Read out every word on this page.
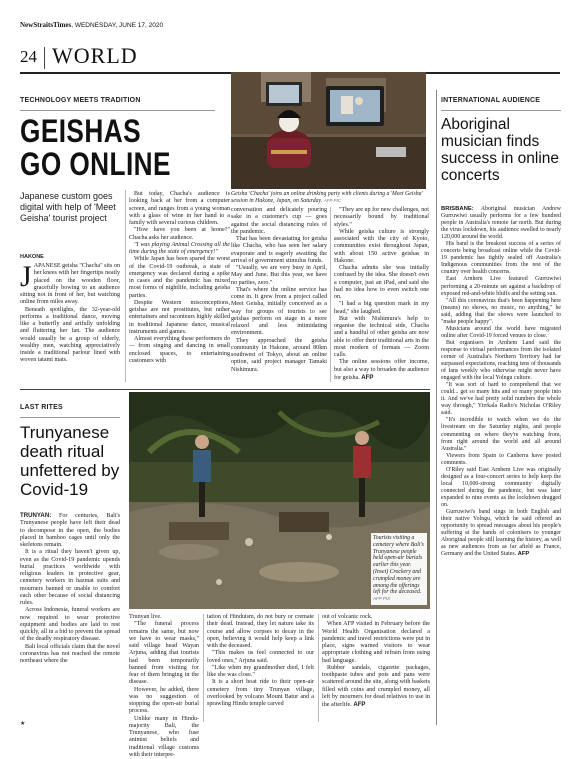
NewStraitsTimes, WEDNESDAY, JUNE 17, 2020
24 WORLD
TECHNOLOGY MEETS TRADITION
GEISHAS
GO ONLINE
Japanese custom goes digital with help of 'Meet Geisha' tourist project
HAKONE

JAPANESE geisha "Chacha" sits on her knees with her fingertips neatly placed on the wooden floor, gracefully bowing to an audience sitting not in front of her, but watching online from miles away.

Beneath spotlights, the 32-year-old performs a traditional dance, moving like a butterfly and artfully unfolding and fluttering her fan. The audience would usually be a group of elderly, wealthy men, watching appreciatively inside a traditional parlour lined with woven tatami mats.

But today, Chacha's audience is looking back at her from a computer screen, and ranges from a young woman with a glass of wine in her hand to a family with several curious children.

"How have you been at home?" Chacha asks her audience.

"I was playing Animal Crossing all the time during the state of emergency!"

While Japan has been spared the worst of the Covid-19 outbreak, a state of emergency was declared during a spike in cases and the pandemic has mixed most forms of nightlife, including geisha parties.

Despite Western misconceptions, geishas are not prostitutes, but rather entertainers and raconteurs highly skilled in traditional Japanese dance, musical instruments and games.

Almost everything these performers do — from singing and dancing in small enclosed spaces, to entertaining customers with

Geisha 'Chacha' joins an online drinking party with clients during a 'Meet Geisha' session in Hakone, Japan, on Saturday. AFP PIC

conversation and delicately pouring sake in a customer's cup — goes against the social distancing rules of the pandemic.

That has been devastating for geisha like Chacha, who has seen her salary evaporate and is eagerly awaiting the arrival of government stimulus funds.

"Usually, we are very busy in April, May and June. But this year, we have no parties, zero."

That's where the online service has come in. It grew from a project called Meet Geisha, initially conceived as a way for groups of tourists to see geishas perform on stage in a more relaxed and less intimidating environment.

They approached the geisha community in Hakone, around 80km southwest of Tokyo, about an online option, said project manager Tamaki Nishimura.

"They are up for new challenges, not necessarily bound by traditional styles."

While geisha culture is strongly associated with the city of Kyoto, communities exist throughout Japan, with about 150 active geishas in Hakone.

Chacha admits she was initially confused by the idea. She doesn't own a computer, just an iPad, and said she had no idea how to even switch one on.

"I had a big question mark in my head," she laughed.

But with Nishimura's help to organise the technical side, Chacha and a handful of other geisha are now able to offer their traditional arts in the most modern of formats — Zoom calls.

The online sessions offer income, but also a way to broaden the audience for geisha. AFP

LAST RITES
Trunyanese death ritual unfettered by Covid-19

TRUNYAN: For centuries, Bali's Trunyanese people have left their dead to decompose in the open, the bodies placed in bamboo cages until only the skeletons remain.

It is a ritual they haven't given up, even as the Covid-19 pandemic upends burial practices worldwide with religious leaders in protective gear, cemetery workers in hazmat suits and mourners banned or unable to comfort each other because of social distancing rules.

Across Indonesia, funeral workers are now required to wear protective equipment and bodies are laid to rest quickly, all in a bid to prevent the spread of the deadly respiratory disease.

Bali local officials claim that the novel coronavirus has not reached the remote northeast where the

Tourists visiting a cemetery where Bali's Trunyanese people held open-air burials earlier this year. (Inset) Crockery and crumpled money are among the offerings left for the deceased.
AFP PIX

Trunyan live.

"The funeral process remains the same, but now we have to wear masks," said village head Wayan Arjuna, adding that tourists had been temporarily banned from visiting for fear of them bringing in the disease.

However, he added, there was no suggestion of stopping the open-air burial process.

Unlike many in Hindu-majority Bali, the Trunyanese, who fuse animist beliefs and traditional village customs with their interpre-

tation of Hinduism, do not bury or cremate their dead. Instead, they let nature take its course and allow corpses to decay in the open, believing it would help keep a link with the deceased.

"This makes us feel connected to our loved ones," Arjuna said.

"Like when my grandmother died, I felt like she was close."

It is a short boat ride to their open-air cemetery from tiny Trunyan village, overlooked by volcano Mount Batur and a sprawling Hindu temple carved

out of volcanic rock.

When AFP visited in February before the World Health Organisation declared a pandemic and travel restrictions were put in place, signs warned visitors to wear appropriate clothing and refrain from using bad language.

Rubber sandals, cigarette packages, toothpaste tubes and pots and pans were scattered around the site, along with baskets filled with coins and crumpled money, all left by mourners for dead relatives to use in the afterlife. AFP

INTERNATIONAL AUDIENCE
Aboriginal musician finds success in online concerts

BRISBANE: Aboriginal musician Andrew Gurruwiwi usually performs for a few hundred people in Australia's remote far north. But during the virus lockdown, his audience swelled to nearly 120,000 around the world.

His band is the breakout success of a series of concerts being broadcast online while the Covid-19 pandemic has tightly sealed off Australia's Indigenous communities from the rest of the country over health concerns.

East Arnhem Live featured Gurruwiwi performing a 20-minute set against a backdrop of exposed red-and-white bluffs and the setting sun.

"All this coronavirus that's been happening here (means) no shows, no music, no anything," he said, adding that the shows were launched to "make people happy".

Musicians around the world have migrated online after Covid-19 forced venues to close.

But organisers in Arnhem Land said the response to virtual performances from the isolated corner of Australia's Northern Territory had far surpassed expectations, reaching tens of thousands of fans weekly who otherwise might never have engaged with the local Yolngu culture.

"It was sort of hard to comprehend that we could... get so many hits and so many people into it. And we've had pretty solid numbers the whole way through," Yirrkala Radio's Nicholas O'Riley said.

"It's incredible to watch when we do the livestream on the Saturday nights, and people commenting on where they're watching from, from right around the world and all around Australia."

Viewers from Spain to Canberra have posted comments.

O'Riley said East Arnhem Live was originally designed as a four-concert series to help keep the local 10,000-strong community digitally connected during the pandemic, but was later expanded to nine events as the lockdown dragged on.

Gurruwiwi's band sings in both English and their native Yolngu, which he said offered an opportunity to spread messages about his people's suffering at the hands of colonisers to younger Aboriginal people still learning the history, as well as new audiences from as far afield as France, Germany and the United States. AFP

★
